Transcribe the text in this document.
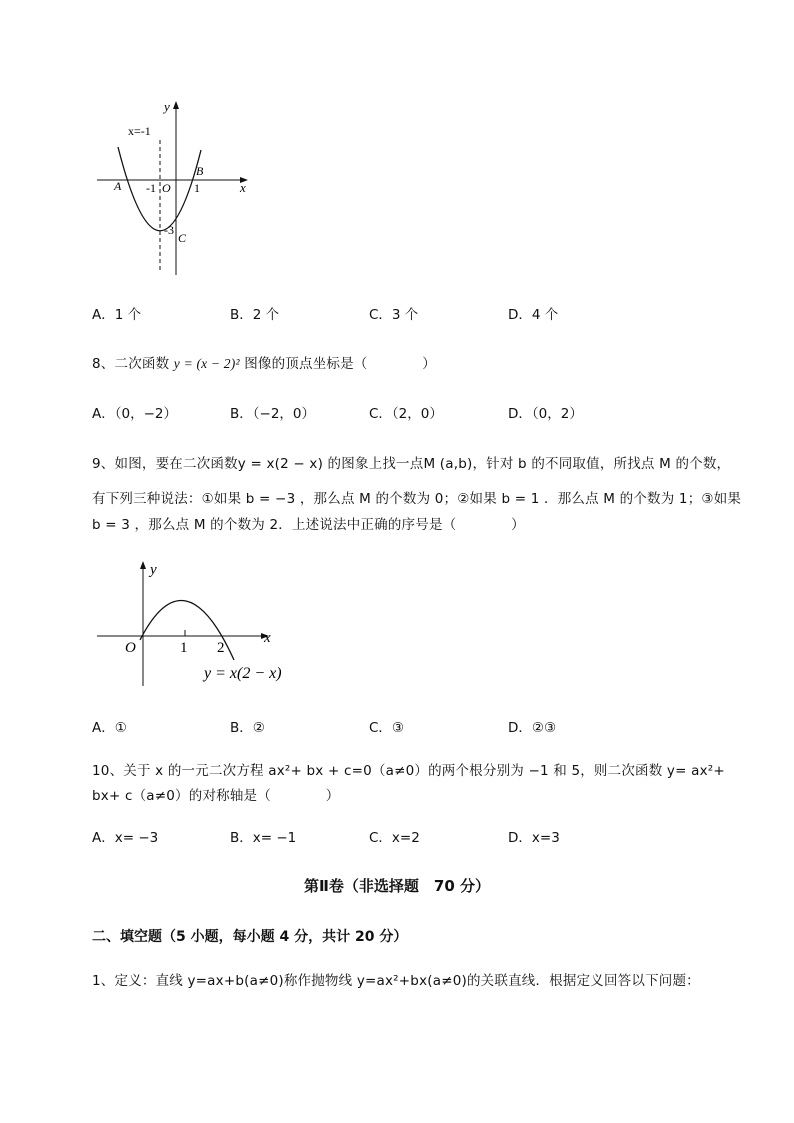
y
x
x=-1
A
B
C
O
-1	1
-3
A．1 个	B．2 个	C．3 个	D．4 个
8、二次函数 y = (x − 2)² 图像的顶点坐标是（　　　　）
A．（0，−2）	B．（−2，0）	C．（2，0）	D．（0，2）
9、如图，要在二次函数y = x(2 − x) 的图象上找一点M (a,b)，针对 b 的不同取值，所找点 M 的个数，
有下列三种说法：①如果 b = −3 ，那么点 M 的个数为 0；②如果 b = 1 ．那么点 M 的个数为 1；③如果
b = 3 ，那么点 M 的个数为 2．上述说法中正确的序号是（　　　　）
y
x
O	1 2
y = x(2 − x)
A．①	B．②	C．③	D．②③
10、关于 x 的一元二次方程 ax²+ bx + c=0（a≠0）的两个根分别为 −1 和 5，则二次函数 y= ax²+
bx+ c（a≠0）的对称轴是（　　　　）
A．x= −3	B．x= −1	C．x=2	D．x=3
第Ⅱ卷（非选择题　70 分）
二、填空题（5 小题，每小题 4 分，共计 20 分）
1、定义：直线 y=ax+b(a≠0)称作抛物线 y=ax²+bx(a≠0)的关联直线．根据定义回答以下问题：
